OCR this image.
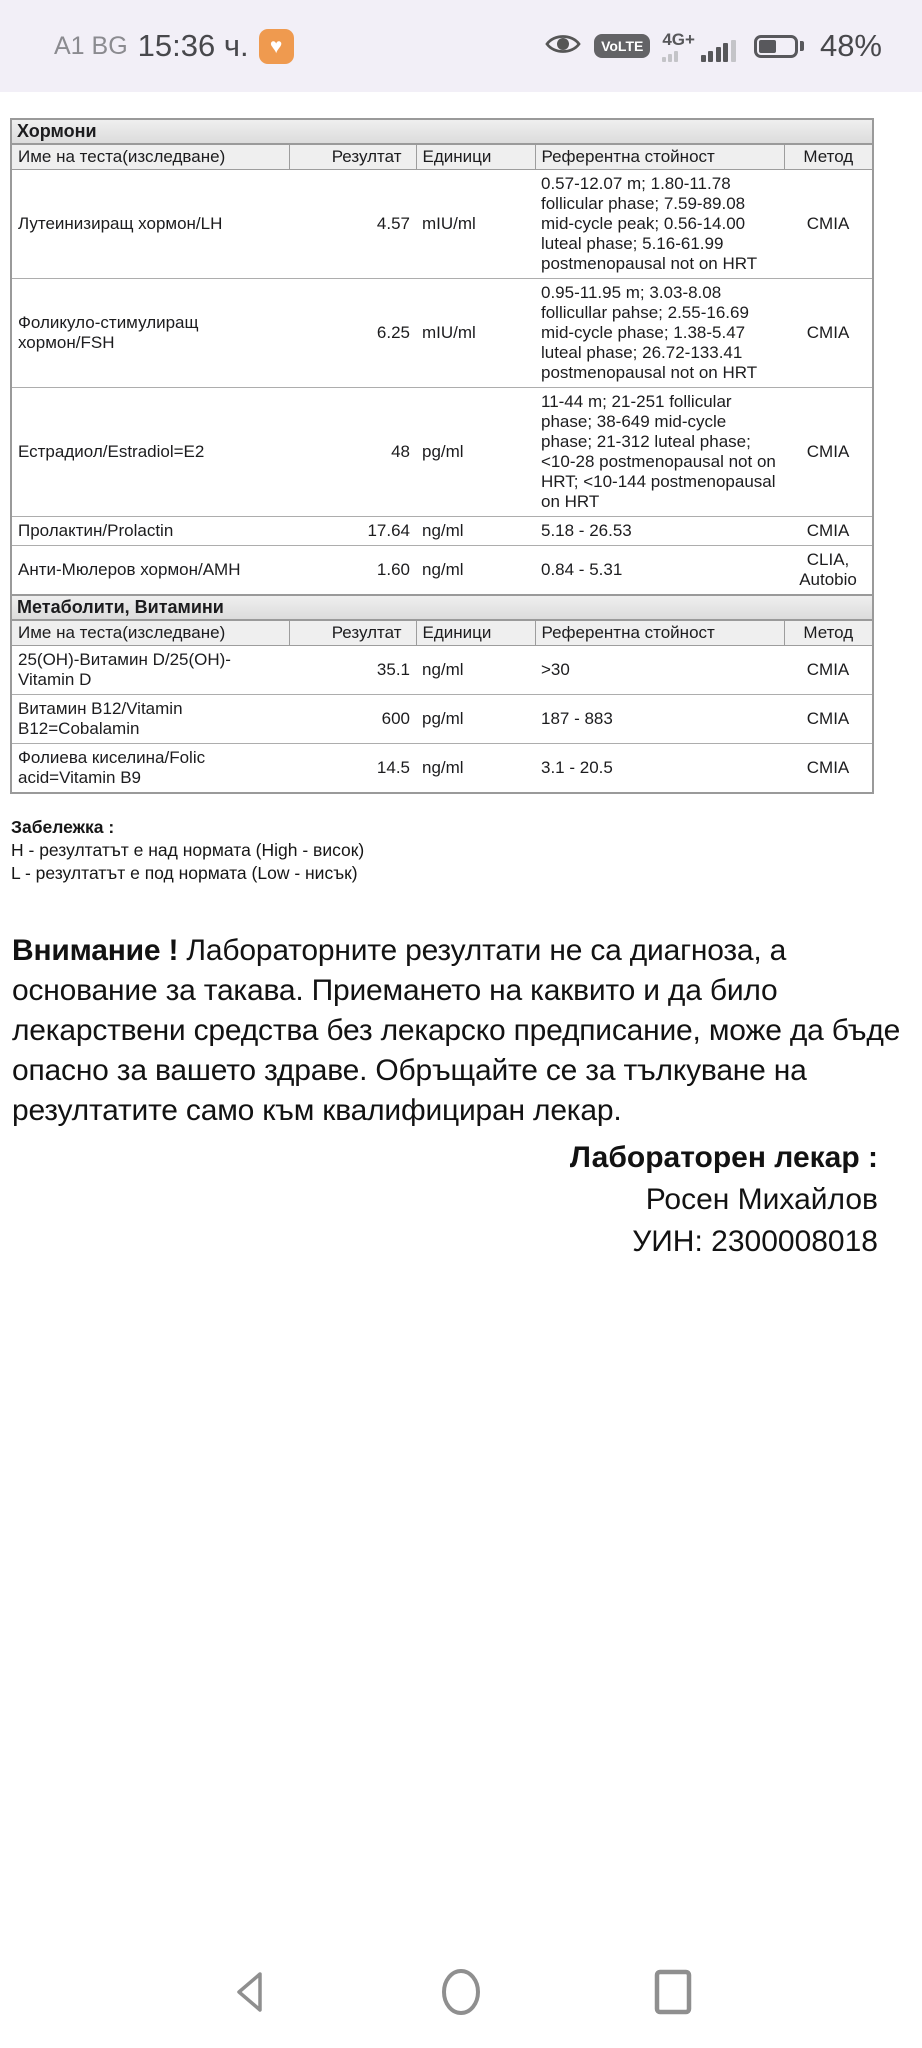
A1 BG 15:36 ч.	♥	VoLTE	4G+	48%
Хормони				
Име на теста(изследване)	Резултат	Единици	Референтна стойност	Метод
Лутеинизиращ хормон/LH	4.57	mIU/ml	0.57-12.07 m; 1.80-11.78 follicular phase; 7.59-89.08 mid-cycle peak; 0.56-14.00 luteal phase; 5.16-61.99 postmenopausal not on HRT	CMIA
Фоликуло-стимулиращ хормон/FSH	6.25	mIU/ml	0.95-11.95 m; 3.03-8.08 follicullar pahse; 2.55-16.69 mid-cycle phase; 1.38-5.47 luteal phase; 26.72-133.41 postmenopausal not on HRT	CMIA
Естрадиол/Estradiol=E2	48	pg/ml	11-44 m; 21-251 follicular phase; 38-649 mid-cycle phase; 21-312 luteal phase; <10-28 postmenopausal not on HRT; <10-144 postmenopausal on HRT	CMIA
Пролактин/Prolactin	17.64	ng/ml	5.18 - 26.53	CMIA
Анти-Мюлеров хормон/AMH	1.60	ng/ml	0.84 - 5.31	CLIA, Autobio
Метаболити, Витамини				
Име на теста(изследване)	Резултат	Единици	Референтна стойност	Метод
25(OH)-Витамин D/25(OH)-Vitamin D	35.1	ng/ml	>30	CMIA
Витамин B12/Vitamin B12=Cobalamin	600	pg/ml	187 - 883	CMIA
Фолиева киселина/Folic acid=Vitamin B9	14.5	ng/ml	3.1 - 20.5	CMIA
Забележка :
H - резултатът е над нормата (High - висок)
L - резултатът е под нормата (Low - нисък)
Внимание ! Лабораторните резултати не са диагноза, а основание за такава. Приемането на каквито и да било лекарствени средства без лекарско предписание, може да бъде опасно за вашето здраве. Обръщайте се за тълкуване на резултатите само към квалифициран лекар.
Лабораторен лекар :
Росен Михайлов
УИН: 2300008018
